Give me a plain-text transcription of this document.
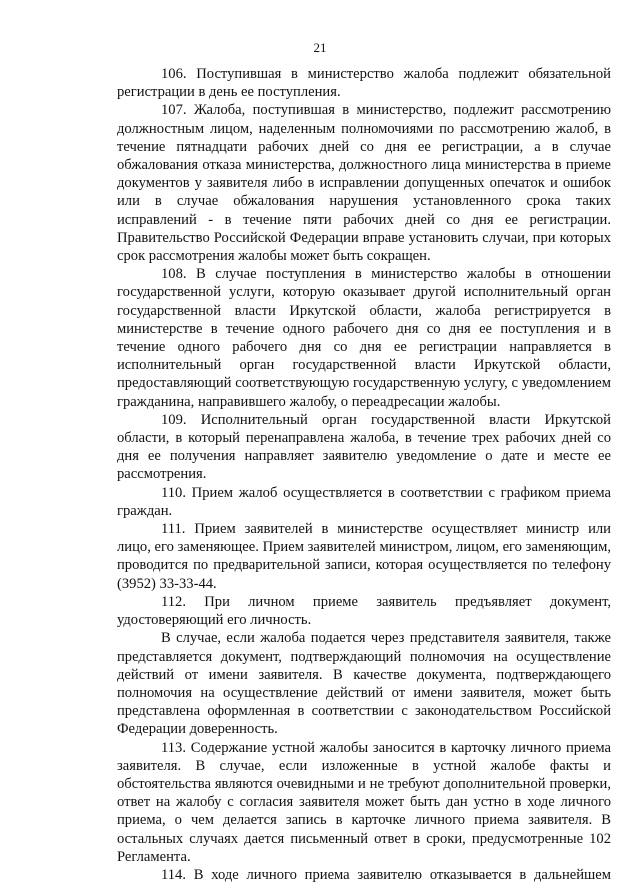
21

106. Поступившая в министерство жалоба подлежит обязательной регистрации в день ее поступления.

107. Жалоба, поступившая в министерство, подлежит рассмотрению должностным лицом, наделенным полномочиями по рассмотрению жалоб, в течение пятнадцати рабочих дней со дня ее регистрации, а в случае обжалования отказа министерства, должностного лица министерства в приеме документов у заявителя либо в исправлении допущенных опечаток и ошибок или в случае обжалования нарушения установленного срока таких исправлений - в течение пяти рабочих дней со дня ее регистрации. Правительство Российской Федерации вправе установить случаи, при которых срок рассмотрения жалобы может быть сокращен.

108. В случае поступления в министерство жалобы в отношении государственной услуги, которую оказывает другой исполнительный орган государственной власти Иркутской области, жалоба регистрируется в министерстве в течение одного рабочего дня со дня ее поступления и в течение одного рабочего дня со дня ее регистрации направляется в исполнительный орган государственной власти Иркутской области, предоставляющий соответствующую государственную услугу, с уведомлением гражданина, направившего жалобу, о переадресации жалобы.

109. Исполнительный орган государственной власти Иркутской области, в который перенаправлена жалоба, в течение трех рабочих дней со дня ее получения направляет заявителю уведомление о дате и месте ее рассмотрения.

110. Прием жалоб осуществляется в соответствии с графиком приема граждан.

111. Прием заявителей в министерстве осуществляет министр или лицо, его заменяющее. Прием заявителей министром, лицом, его заменяющим, проводится по предварительной записи, которая осуществляется по телефону (3952) 33-33-44.

112. При личном приеме заявитель предъявляет документ, удостоверяющий его личность.

В случае, если жалоба подается через представителя заявителя, также представляется документ, подтверждающий полномочия на осуществление действий от имени заявителя. В качестве документа, подтверждающего полномочия на осуществление действий от имени заявителя, может быть представлена оформленная в соответствии с законодательством Российской Федерации доверенность.

113. Содержание устной жалобы заносится в карточку личного приема заявителя. В случае, если изложенные в устной жалобе факты и обстоятельства являются очевидными и не требуют дополнительной проверки, ответ на жалобу с согласия заявителя может быть дан устно в ходе личного приема, о чем делается запись в карточке личного приема заявителя. В остальных случаях дается письменный ответ в сроки, предусмотренные 102 Регламента.

114. В ходе личного приема заявителю отказывается в дальнейшем
